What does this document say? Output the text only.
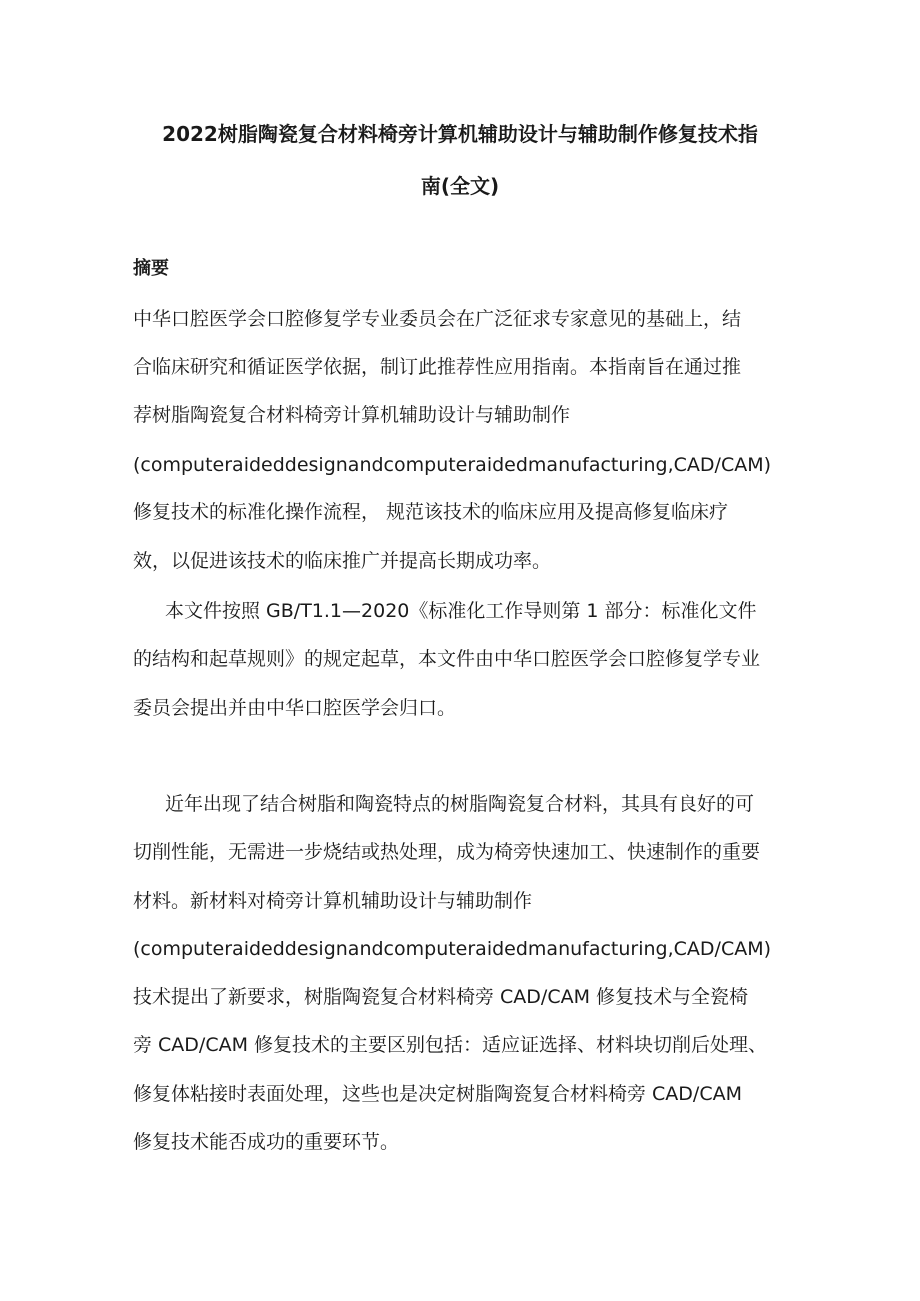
2022树脂陶瓷复合材料椅旁计算机辅助设计与辅助制作修复技术指
南(全文)
摘要
中华口腔医学会口腔修复学专业委员会在广泛征求专家意见的基础上，结
合临床研究和循证医学依据，制订此推荐性应用指南。本指南旨在通过推
荐树脂陶瓷复合材料椅旁计算机辅助设计与辅助制作
(computeraideddesignandcomputeraidedmanufacturing,CAD/CAM)
修复技术的标准化操作流程， 规范该技术的临床应用及提高修复临床疗
效，以促进该技术的临床推广并提高长期成功率。
本文件按照 GB/T1.1—2020《标准化工作导则第 1 部分：标准化文件
的结构和起草规则》的规定起草，本文件由中华口腔医学会口腔修复学专业
委员会提出并由中华口腔医学会归口。
近年出现了结合树脂和陶瓷特点的树脂陶瓷复合材料，其具有良好的可
切削性能，无需进一步烧结或热处理，成为椅旁快速加工、快速制作的重要
材料。新材料对椅旁计算机辅助设计与辅助制作
(computeraideddesignandcomputeraidedmanufacturing,CAD/CAM)
技术提出了新要求，树脂陶瓷复合材料椅旁 CAD/CAM 修复技术与全瓷椅
旁 CAD/CAM 修复技术的主要区别包括：适应证选择、材料块切削后处理、
修复体粘接时表面处理，这些也是决定树脂陶瓷复合材料椅旁 CAD/CAM
修复技术能否成功的重要环节。
